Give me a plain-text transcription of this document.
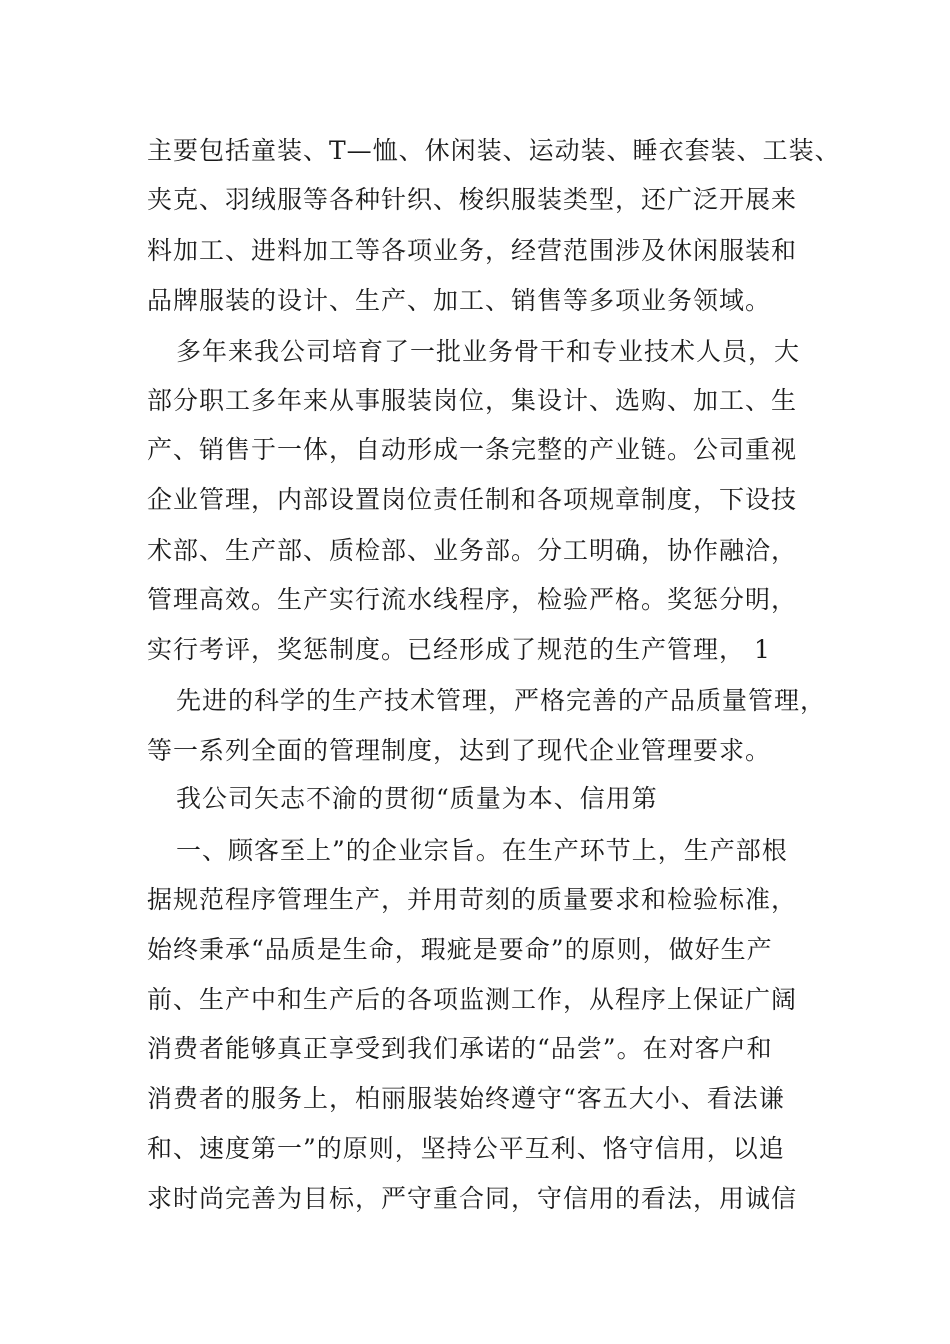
主要包括童装、T—恤、休闲装、运动装、睡衣套装、工装、
夹克、羽绒服等各种针织、梭织服装类型，还广泛开展来
料加工、进料加工等各项业务，经营范围涉及休闲服装和
品牌服装的设计、生产、加工、销售等多项业务领域。
多年来我公司培育了一批业务骨干和专业技术人员，大
部分职工多年来从事服装岗位，集设计、选购、加工、生
产、销售于一体，自动形成一条完整的产业链。公司重视
企业管理，内部设置岗位责任制和各项规章制度，下设技
术部、生产部、质检部、业务部。分工明确，协作融洽，
管理高效。生产实行流水线程序，检验严格。奖惩分明，
实行考评，奖惩制度。已经形成了规范的生产管理， 1
先进的科学的生产技术管理，严格完善的产品质量管理，
等一系列全面的管理制度，达到了现代企业管理要求。
我公司矢志不渝的贯彻“质量为本、信用第
一、顾客至上”的企业宗旨。在生产环节上，生产部根
据规范程序管理生产，并用苛刻的质量要求和检验标准，
始终秉承“品质是生命，瑕疵是要命”的原则，做好生产
前、生产中和生产后的各项监测工作，从程序上保证广阔
消费者能够真正享受到我们承诺的“品尝”。在对客户和
消费者的服务上，柏丽服装始终遵守“客五大小、看法谦
和、速度第一”的原则，坚持公平互利、恪守信用，以追
求时尚完善为目标，严守重合同，守信用的看法，用诚信
